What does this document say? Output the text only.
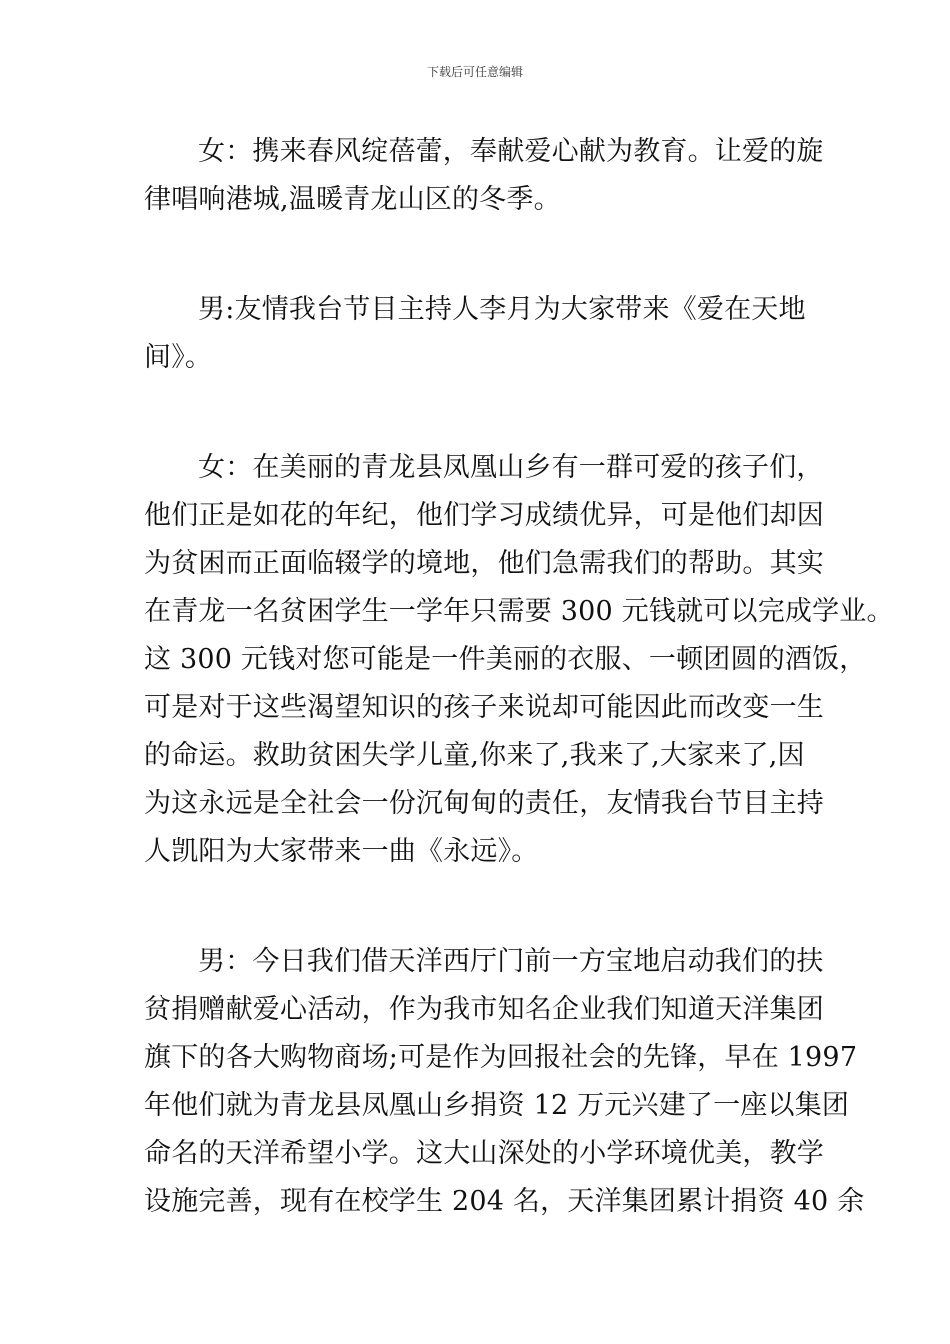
下载后可任意编辑

女：携来春风绽蓓蕾，奉献爱心献为教育。让爱的旋
律唱响港城,温暖青龙山区的冬季。

男:友情我台节目主持人李月为大家带来《爱在天地
间》。

女：在美丽的青龙县凤凰山乡有一群可爱的孩子们，
他们正是如花的年纪，他们学习成绩优异，可是他们却因
为贫困而正面临辍学的境地，他们急需我们的帮助。其实
在青龙一名贫困学生一学年只需要 300 元钱就可以完成学业。
这 300 元钱对您可能是一件美丽的衣服、一顿团圆的酒饭，
可是对于这些渴望知识的孩子来说却可能因此而改变一生
的命运。救助贫困失学儿童,你来了,我来了,大家来了,因
为这永远是全社会一份沉甸甸的责任，友情我台节目主持
人凯阳为大家带来一曲《永远》。

男：今日我们借天洋西厅门前一方宝地启动我们的扶
贫捐赠献爱心活动，作为我市知名企业我们知道天洋集团
旗下的各大购物商场;可是作为回报社会的先锋，早在 1997
年他们就为青龙县凤凰山乡捐资 12 万元兴建了一座以集团
命名的天洋希望小学。这大山深处的小学环境优美，教学
设施完善，现有在校学生 204 名，天洋集团累计捐资 40 余
